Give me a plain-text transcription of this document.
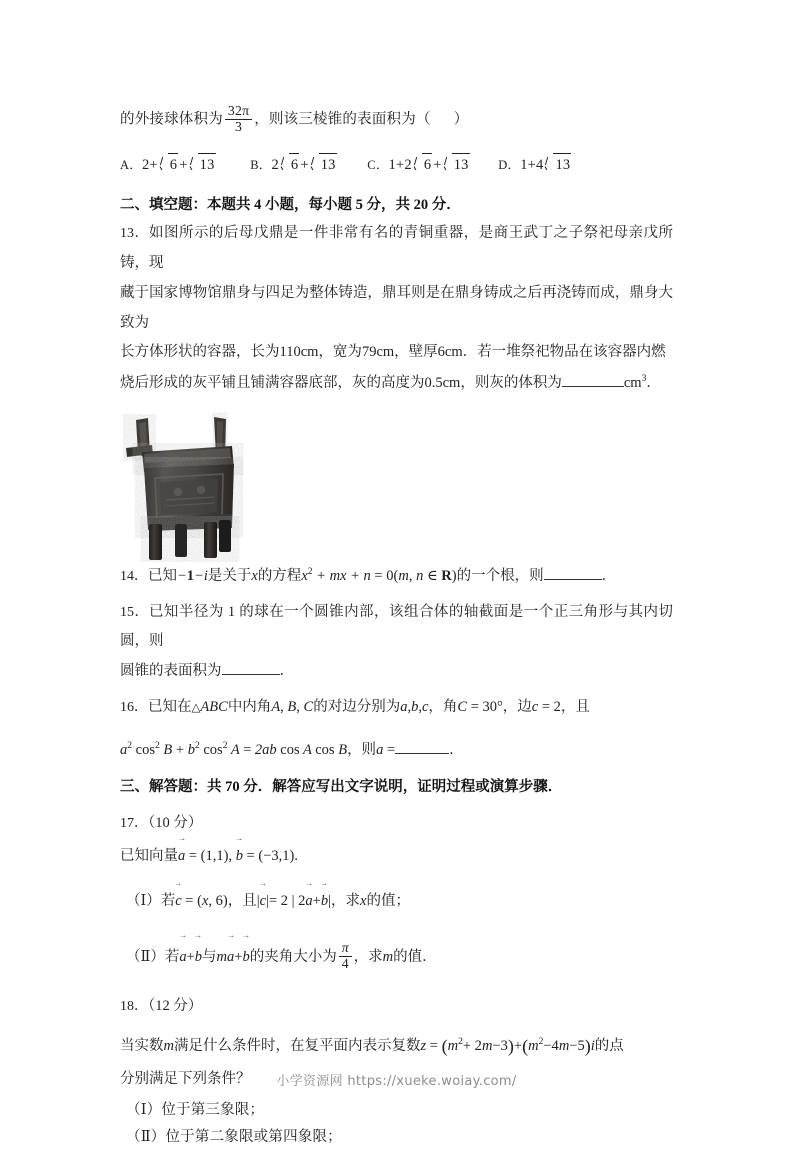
的外接球体积为 $\frac{32\pi}{3}$ ，则该三棱锥的表面积为（ ）
A．2+ 6 + 13	B．2 6 + 13	C．1+2 6 + 13 D．1+4 13
二、填空题：本题共 4 小题，每小题 5 分，共 20 分．
13．如图所示的后母戊鼎是一件非常有名的青铜重器，是商王武丁之子祭祀母亲戊所铸，现
藏于国家博物馆鼎身与四足为整体铸造，鼎耳则是在鼎身铸成之后再浇铸而成，鼎身大致为
长方体形状的容器，长为110cm，宽为79cm，壁厚6cm．若一堆祭祀物品在该容器内燃
烧后形成的灰平铺且铺满容器底部，灰的高度为0.5cm，则灰的体积为	$cm^3$．
14．已知−1−i是关于x的方程$x^2$ + mx + n = 0(m, n ∈ R)的一个根，则	．
15．已知半径为 1 的球在一个圆锥内部，该组合体的轴截面是一个正三角形与其内切圆，则
圆锥的表面积为	．
16．已知在△ABC中内角A, B, C的对边分别为a,b,c，角C = 30°，边c = 2，且
$a^2$ $\cos^2 B + b^2$ $\cos^2 A = 2ab$ cos A cos B，则a =	．
三、解答题：共 70 分．解答应写出文字说明，证明过程或演算步骤．
17．（10 分）
已知向量a → = (1,1), b → = (−3,1).
（Ⅰ）若c → = (x, 6)，且|c →|= 2 | 2a →+b →|，求x的值；
（Ⅱ）若a →+b →与ma →+b →的夹角大小为 $\frac{\pi}{4}$ ，求m的值．
18．（12 分）
当实数m满足什么条件时，在复平面内表示复数$z = (m^2+ 2m-3)+(m^2-4m-5)i$的点
分别满足下列条件？
（Ⅰ）位于第三象限；
（Ⅱ）位于第二象限或第四象限；
小学资源网 https://xueke.woiay.com/
